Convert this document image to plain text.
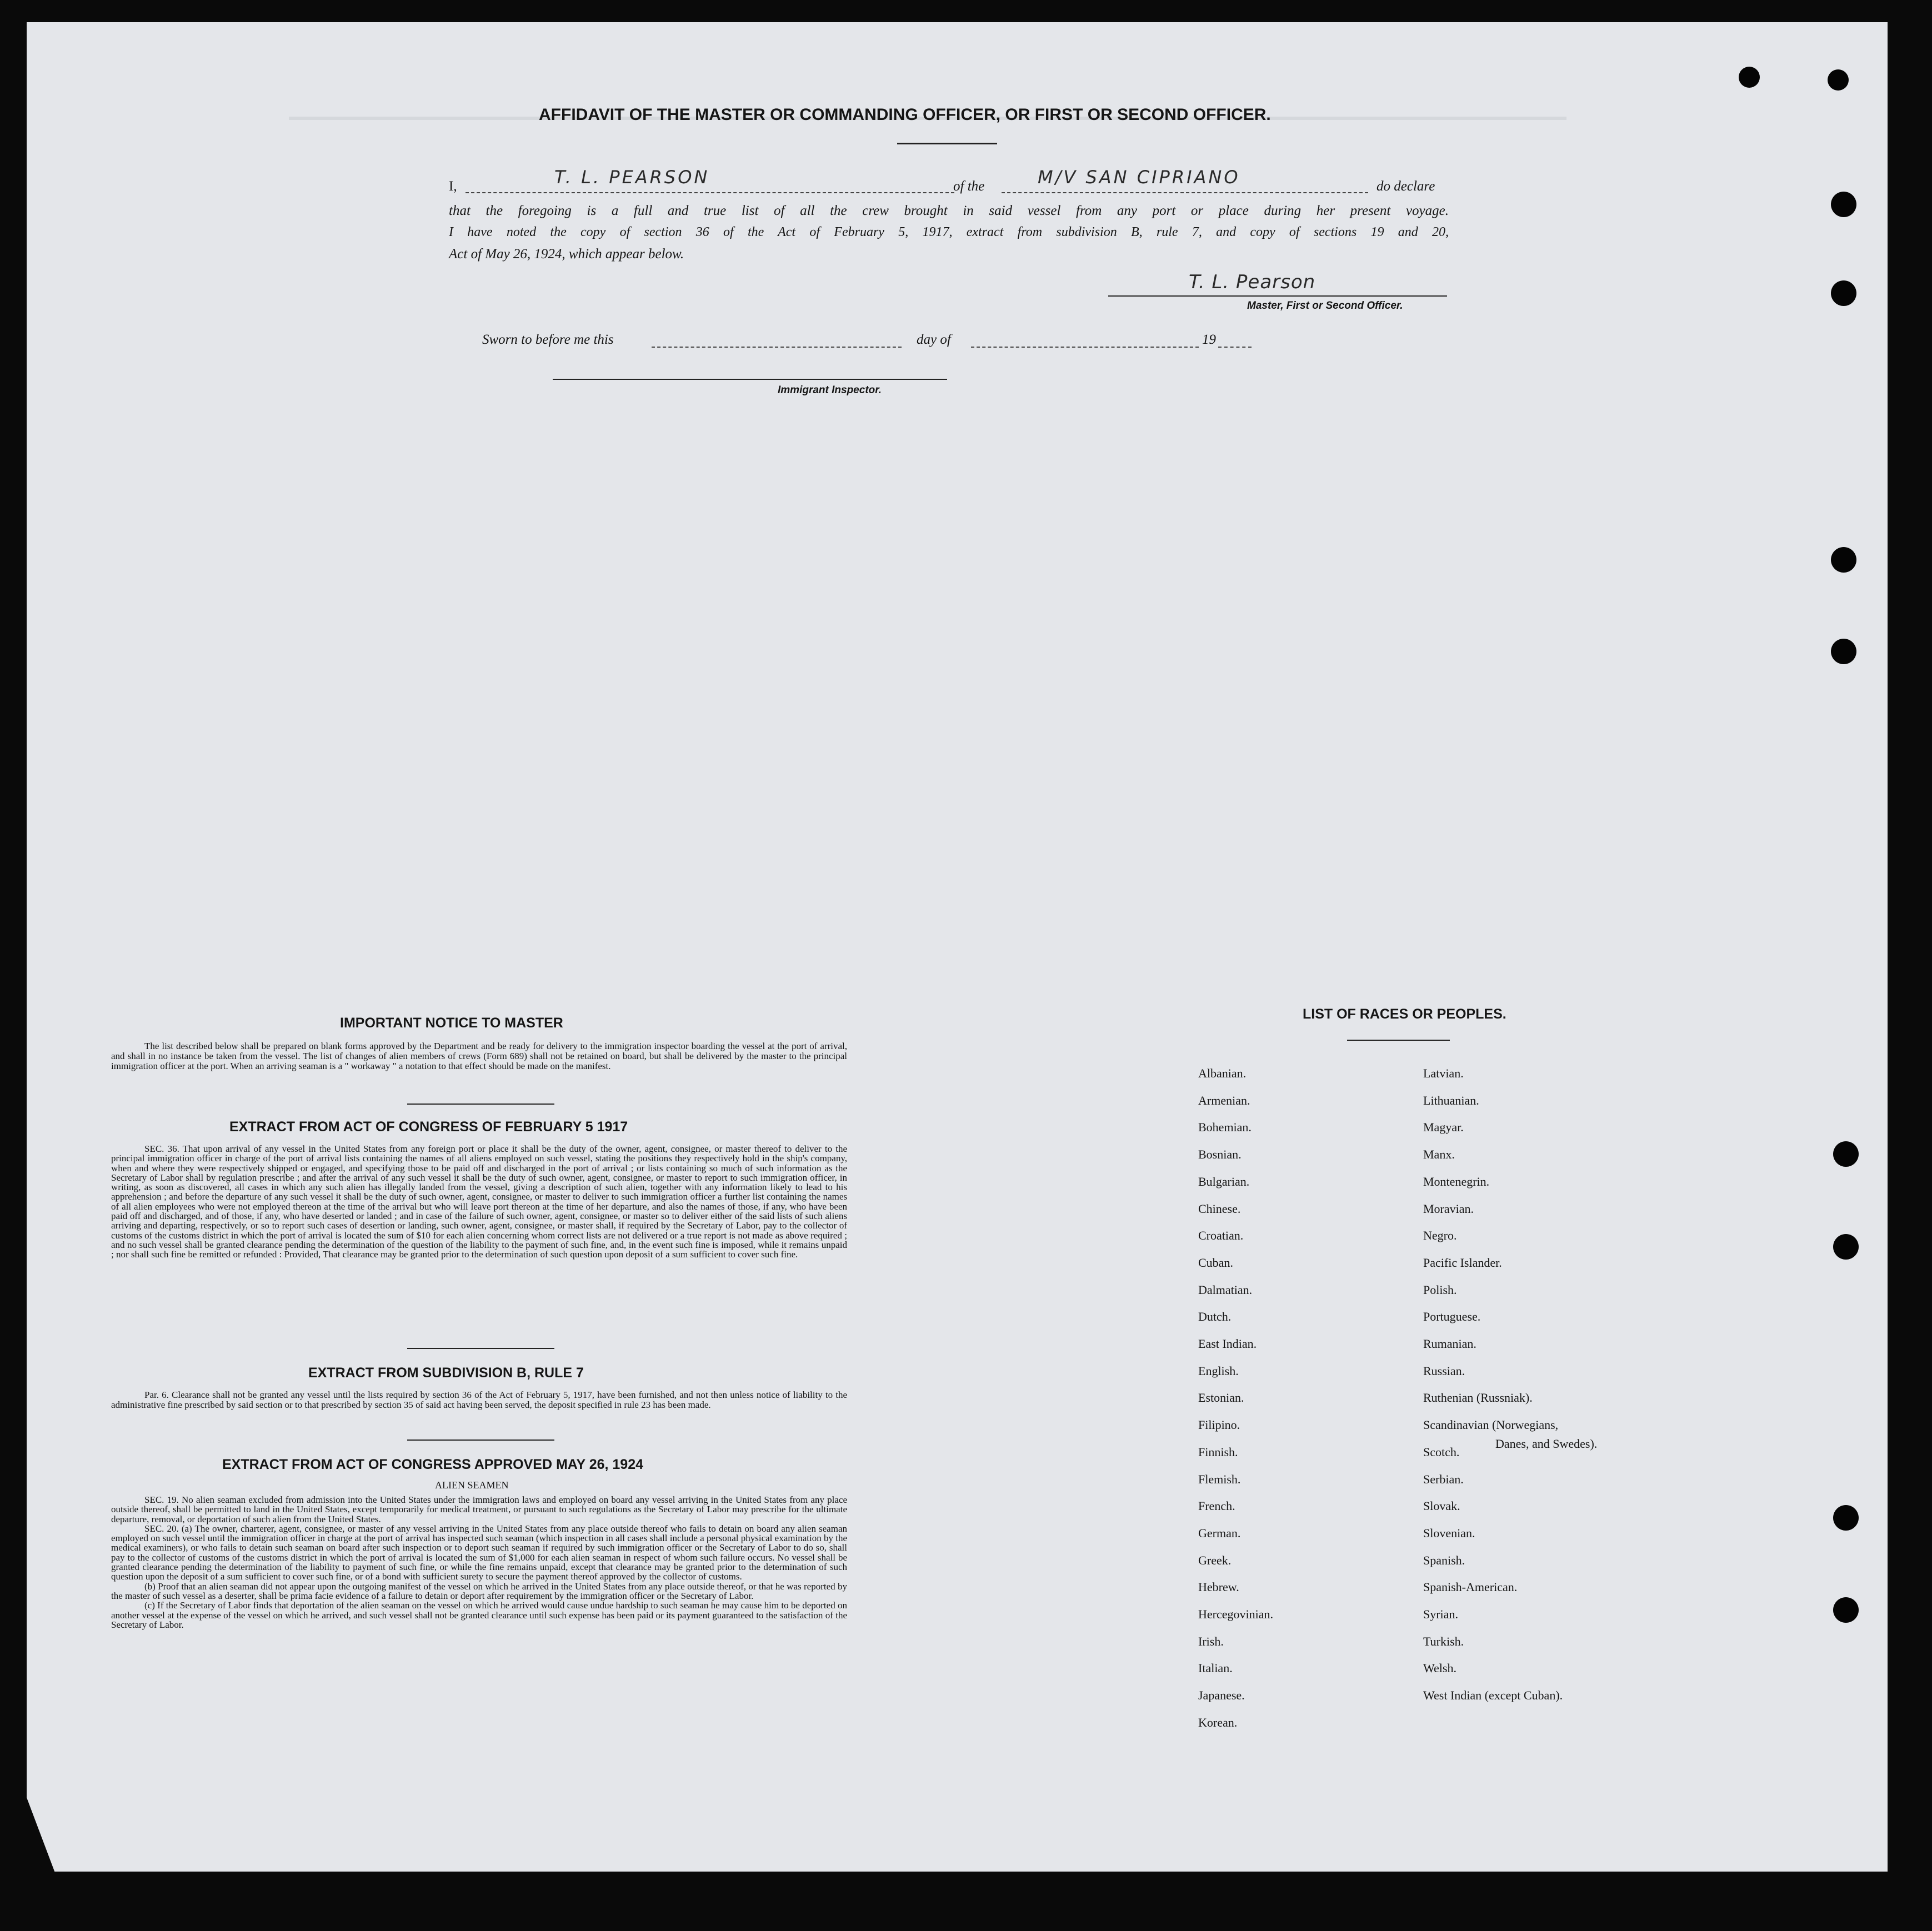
AFFIDAVIT OF THE MASTER OR COMMANDING OFFICER, OR FIRST OR SECOND OFFICER.
I,	T. L. PEARSON	of the	M/V SAN CIPRIANO	do declare
that the foregoing is a full and true list of all the crew brought in said vessel from any port or place during her present voyage.
I have noted the copy of section 36 of the Act of February 5, 1917, extract from subdivision B, rule 7, and copy of sections 19 and 20,
Act of May 26, 1924, which appear below.
T. L. Pearson
Master, First or Second Officer.
Sworn to before me this	day of	19
Immigrant Inspector.
IMPORTANT NOTICE TO MASTER
The list described below shall be prepared on blank forms approved by the Department and be ready for delivery to the immigration inspector boarding the vessel at the port of arrival, and shall in no instance be taken from the vessel. The list of changes of alien members of crews (Form 689) shall not be retained on board, but shall be delivered by the master to the principal immigration officer at the port. When an arriving seaman is a " workaway " a notation to that effect should be made on the manifest.
EXTRACT FROM ACT OF CONGRESS OF FEBRUARY 5 1917
SEC. 36. That upon arrival of any vessel in the United States from any foreign port or place it shall be the duty of the owner, agent, consignee, or master thereof to deliver to the principal immigration officer in charge of the port of arrival lists containing the names of all aliens employed on such vessel, stating the positions they respectively hold in the ship's company, when and where they were respectively shipped or engaged, and specifying those to be paid off and discharged in the port of arrival ; or lists containing so much of such information as the Secretary of Labor shall by regulation prescribe ; and after the arrival of any such vessel it shall be the duty of such owner, agent, consignee, or master to report to such immigration officer, in writing, as soon as discovered, all cases in which any such alien has illegally landed from the vessel, giving a description of such alien, together with any information likely to lead to his apprehension ; and before the departure of any such vessel it shall be the duty of such owner, agent, consignee, or master to deliver to such immigration officer a further list containing the names of all alien employees who were not employed thereon at the time of the arrival but who will leave port thereon at the time of her departure, and also the names of those, if any, who have been paid off and discharged, and of those, if any, who have deserted or landed ; and in case of the failure of such owner, agent, consignee, or master so to deliver either of the said lists of such aliens arriving and departing, respectively, or so to report such cases of desertion or landing, such owner, agent, consignee, or master shall, if required by the Secretary of Labor, pay to the collector of customs of the customs district in which the port of arrival is located the sum of $10 for each alien concerning whom correct lists are not delivered or a true report is not made as above required ; and no such vessel shall be granted clearance pending the determination of the question of the liability to the payment of such fine, and, in the event such fine is imposed, while it remains unpaid ; nor shall such fine be remitted or refunded : Provided, That clearance may be granted prior to the determination of such question upon deposit of a sum sufficient to cover such fine.
EXTRACT FROM SUBDIVISION B, RULE 7
Par. 6. Clearance shall not be granted any vessel until the lists required by section 36 of the Act of February 5, 1917, have been furnished, and not then unless notice of liability to the administrative fine prescribed by said section or to that prescribed by section 35 of said act having been served, the deposit specified in rule 23 has been made.
EXTRACT FROM ACT OF CONGRESS APPROVED MAY 26, 1924
ALIEN SEAMEN
SEC. 19. No alien seaman excluded from admission into the United States under the immigration laws and employed on board any vessel arriving in the United States from any place outside thereof, shall be permitted to land in the United States, except temporarily for medical treatment, or pursuant to such regulations as the Secretary of Labor may prescribe for the ultimate departure, removal, or deportation of such alien from the United States.
SEC. 20. (a) The owner, charterer, agent, consignee, or master of any vessel arriving in the United States from any place outside thereof who fails to detain on board any alien seaman employed on such vessel until the immigration officer in charge at the port of arrival has inspected such seaman (which inspection in all cases shall include a personal physical examination by the medical examiners), or who fails to detain such seaman on board after such inspection or to deport such seaman if required by such immigration officer or the Secretary of Labor to do so, shall pay to the collector of customs of the customs district in which the port of arrival is located the sum of $1,000 for each alien seaman in respect of whom such failure occurs. No vessel shall be granted clearance pending the determination of the liability to payment of such fine, or while the fine remains unpaid, except that clearance may be granted prior to the determination of such question upon the deposit of a sum sufficient to cover such fine, or of a bond with sufficient surety to secure the payment thereof approved by the collector of customs.
(b) Proof that an alien seaman did not appear upon the outgoing manifest of the vessel on which he arrived in the United States from any place outside thereof, or that he was reported by the master of such vessel as a deserter, shall be prima facie evidence of a failure to detain or deport after requirement by the immigration officer or the Secretary of Labor.
(c) If the Secretary of Labor finds that deportation of the alien seaman on the vessel on which he arrived would cause undue hardship to such seaman he may cause him to be deported on another vessel at the expense of the vessel on which he arrived, and such vessel shall not be granted clearance until such expense has been paid or its payment guaranteed to the satisfaction of the Secretary of Labor.
LIST OF RACES OR PEOPLES.
Albanian.
Armenian.
Bohemian.
Bosnian.
Bulgarian.
Chinese.
Croatian.
Cuban.
Dalmatian.
Dutch.
East Indian.
English.
Estonian.
Filipino.
Finnish.
Flemish.
French.
German.
Greek.
Hebrew.
Hercegovinian.
Irish.
Italian.
Japanese.
Korean.
Latvian.
Lithuanian.
Magyar.
Manx.
Montenegrin.
Moravian.
Negro.
Pacific Islander.
Polish.
Portuguese.
Rumanian.
Russian.
Ruthenian (Russniak).
Scandinavian (Norwegians,
Danes, and Swedes).
Scotch.
Serbian.
Slovak.
Slovenian.
Spanish.
Spanish-American.
Syrian.
Turkish.
Welsh.
West Indian (except Cuban).
